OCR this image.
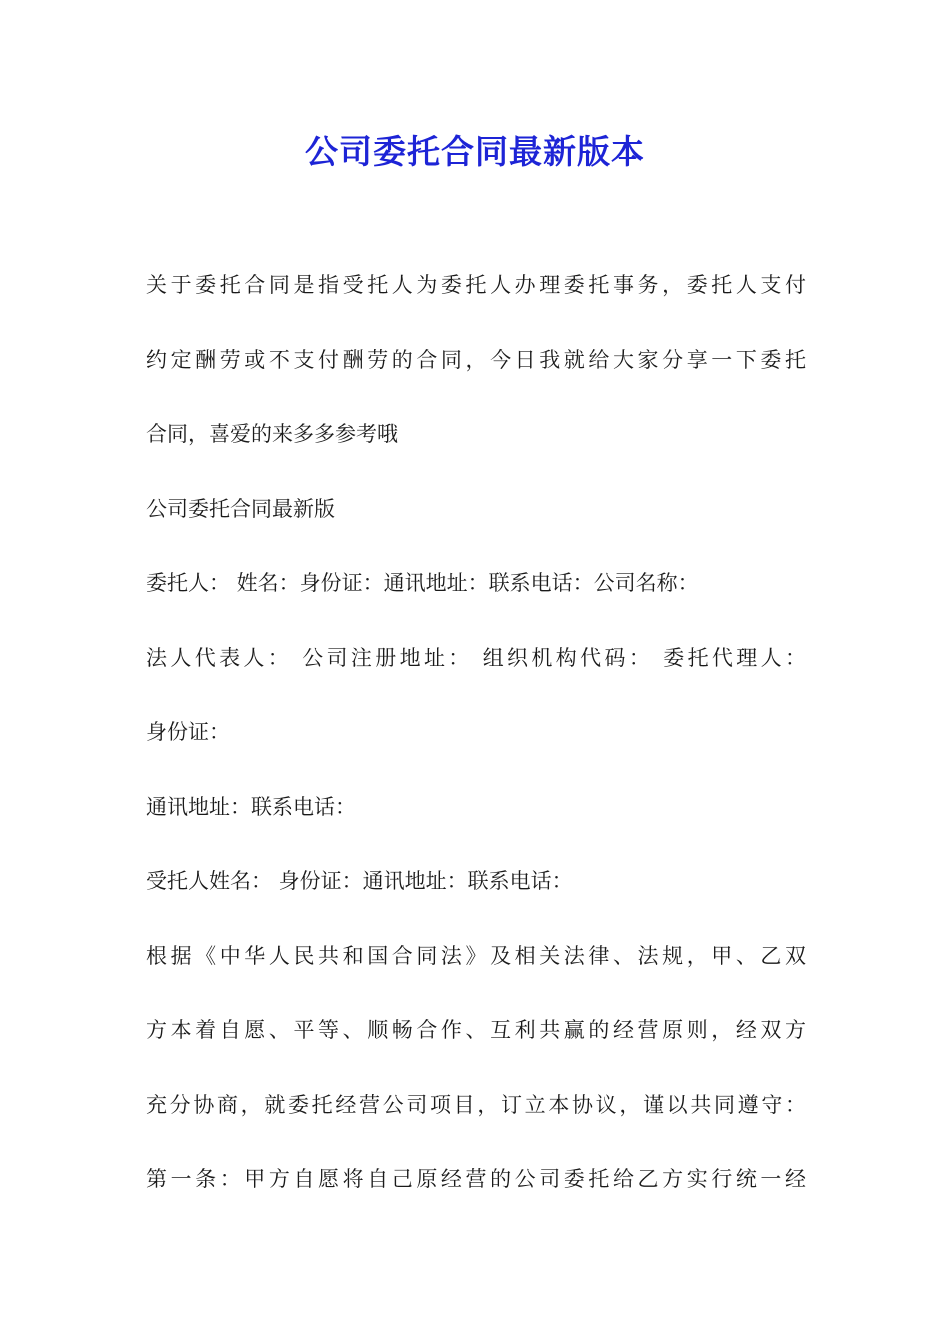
公司委托合同最新版本
关于委托合同是指受托人为委托人办理委托事务，委托人支付
约定酬劳或不支付酬劳的合同，今日我就给大家分享一下委托
合同，喜爱的来多多参考哦
公司委托合同最新版
委托人： 姓名：身份证：通讯地址：联系电话：公司名称：
法人代表人： 公司注册地址： 组织机构代码： 委托代理人：
身份证：
通讯地址：联系电话：
受托人姓名： 身份证：通讯地址：联系电话：
根据《中华人民共和国合同法》及相关法律、法规，甲、乙双
方本着自愿、平等、顺畅合作、互利共赢的经营原则，经双方
充分协商，就委托经营公司项目，订立本协议，谨以共同遵守：
第一条：甲方自愿将自己原经营的公司委托给乙方实行统一经
